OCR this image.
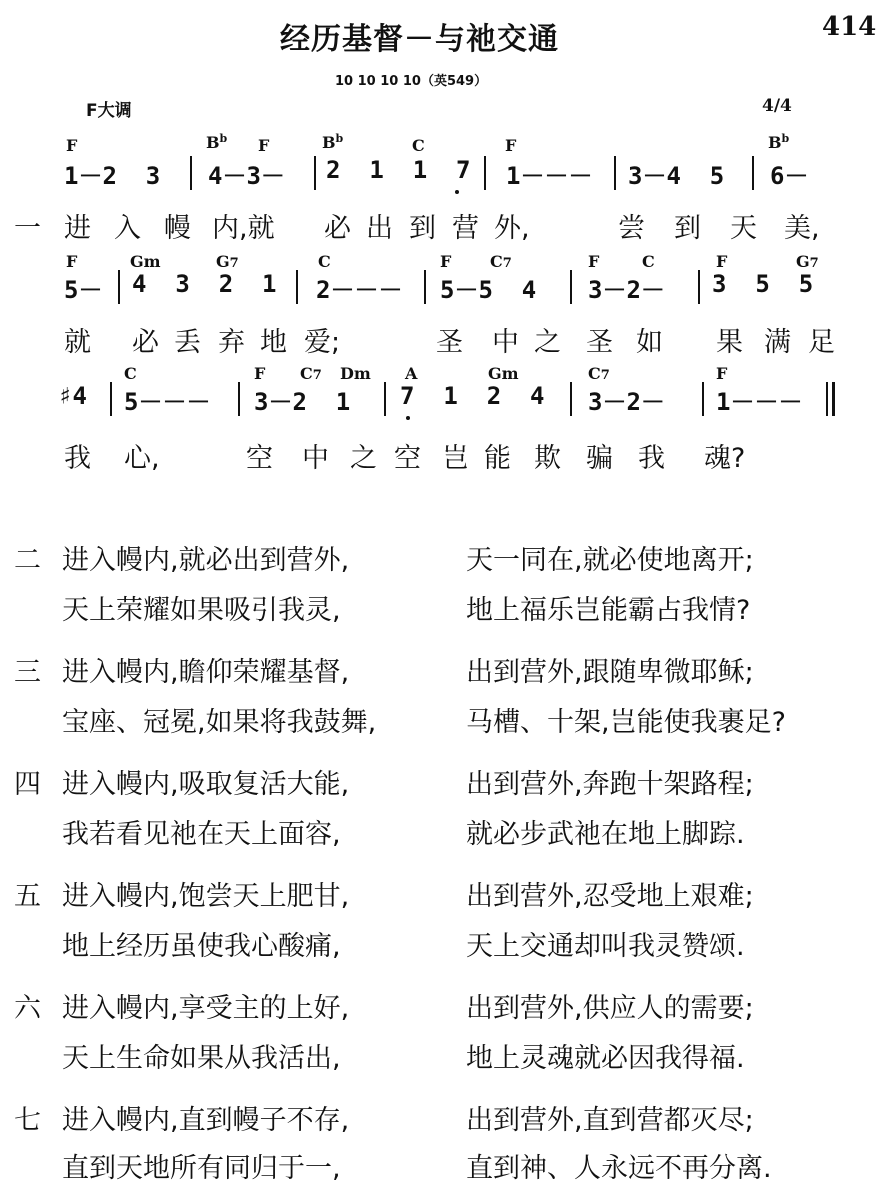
经历基督－与祂交通	414
10 10 10 10（英549）
F大调	4/4
F	$B^b$ F	$B^b$	C	F	$B^b$
1－2  3 4－3－ 2  1  1  7 1－－－ 3－4  5 6－
一 进 入 幔 内,就 必 出 到 营 外,	尝 到 天 美,
F	Gm	G7	C	F C7	F	C	F	G7
5－ 4  3  2  1 2－－－ 5－5  4 3－2－ 3  5  5
就 必 丢 弃 地 爱;	圣 中 之 圣 如 果 满 足
C	F C7 Dm A	Gm	C7	F
♯4 5－－－ 3－2  1 7  1  2  4 3－2－ 1－－－
我 心,	空 中 之 空 岂 能 欺 骗 我 魂?
二 进入幔内,就必出到营外,
天上荣耀如果吸引我灵,
天一同在,就必使地离开;
地上福乐岂能霸占我情?
三 进入幔内,瞻仰荣耀基督,
宝座、冠冕,如果将我鼓舞,
出到营外,跟随卑微耶稣;
马槽、十架,岂能使我裹足?
四 进入幔内,吸取复活大能,
我若看见祂在天上面容,
出到营外,奔跑十架路程;
就必步武祂在地上脚踪.
五 进入幔内,饱尝天上肥甘,
地上经历虽使我心酸痛,
出到营外,忍受地上艰难;
天上交通却叫我灵赞颂.
六 进入幔内,享受主的上好,
天上生命如果从我活出,
出到营外,供应人的需要;
地上灵魂就必因我得福.
七 进入幔内,直到幔子不存,
直到天地所有同归于一,
出到营外,直到营都灭尽;
直到神、人永远不再分离.
